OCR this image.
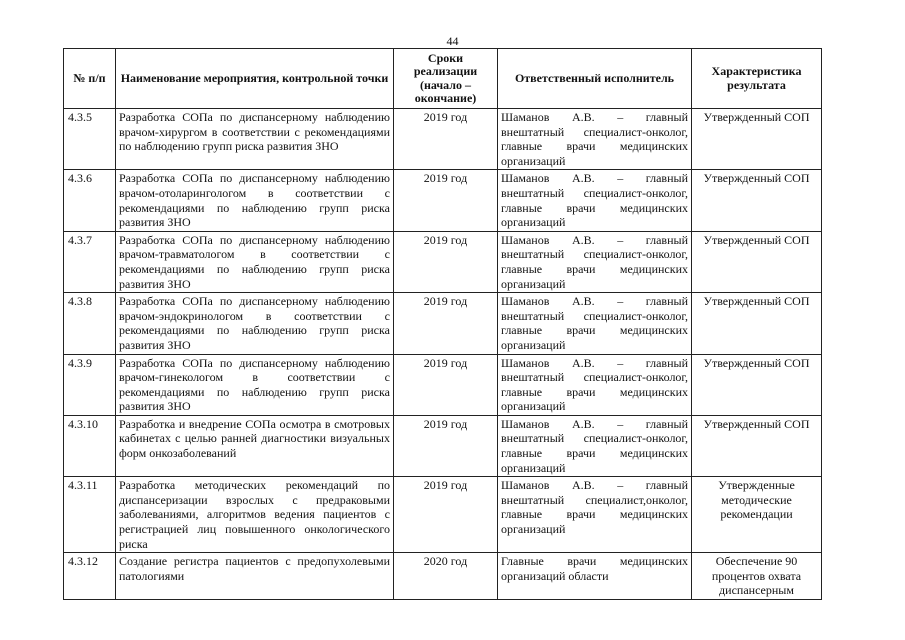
44
№ п/п	Наименование мероприятия, контрольной точки	Сроки реализации (начало – окончание)	Ответственный исполнитель	Характеристика результата
4.3.5	Разработка СОПа по диспансерному наблюдению врачом-хирургом в соответствии с рекомендациями по наблюдению групп риска развития ЗНО	2019 год	Шаманов А.В. – главный внештатный специалист-онколог, главные врачи медицинских организаций	Утвержденный СОП
4.3.6	Разработка СОПа по диспансерному наблюдению врачом-отоларингологом в соответствии с рекомендациями по наблюдению групп риска развития ЗНО	2019 год	Шаманов А.В. – главный внештатный специалист-онколог, главные врачи медицинских организаций	Утвержденный СОП
4.3.7	Разработка СОПа по диспансерному наблюдению врачом-травматологом в соответствии с рекомендациями по наблюдению групп риска развития ЗНО	2019 год	Шаманов А.В. – главный внештатный специалист-онколог, главные врачи медицинских организаций	Утвержденный СОП
4.3.8	Разработка СОПа по диспансерному наблюдению врачом-эндокринологом в соответствии с рекомендациями по наблюдению групп риска развития ЗНО	2019 год	Шаманов А.В. – главный внештатный специалист-онколог, главные врачи медицинских организаций	Утвержденный СОП
4.3.9	Разработка СОПа по диспансерному наблюдению врачом-гинекологом в соответствии с рекомендациями по наблюдению групп риска развития ЗНО	2019 год	Шаманов А.В. – главный внештатный специалист-онколог, главные врачи медицинских организаций	Утвержденный СОП
4.3.10	Разработка и внедрение СОПа осмотра в смотровых кабинетах с целью ранней диагностики визуальных форм онкозаболеваний	2019 год	Шаманов А.В. – главный внештатный специалист-онколог, главные врачи медицинских организаций	Утвержденный СОП
4.3.11	Разработка методических рекомендаций по диспансеризации взрослых с предраковыми заболеваниями, алгоритмов ведения пациентов с регистрацией лиц повышенного онкологического риска	2019 год	Шаманов А.В. – главный внештатный специалист,онколог, главные врачи медицинских организаций	Утвержденные методические рекомендации
4.3.12	Создание регистра пациентов с предопухолевыми патологиями	2020 год	Главные врачи медицинских организаций области	Обеспечение 90 процентов охвата диспансерным
